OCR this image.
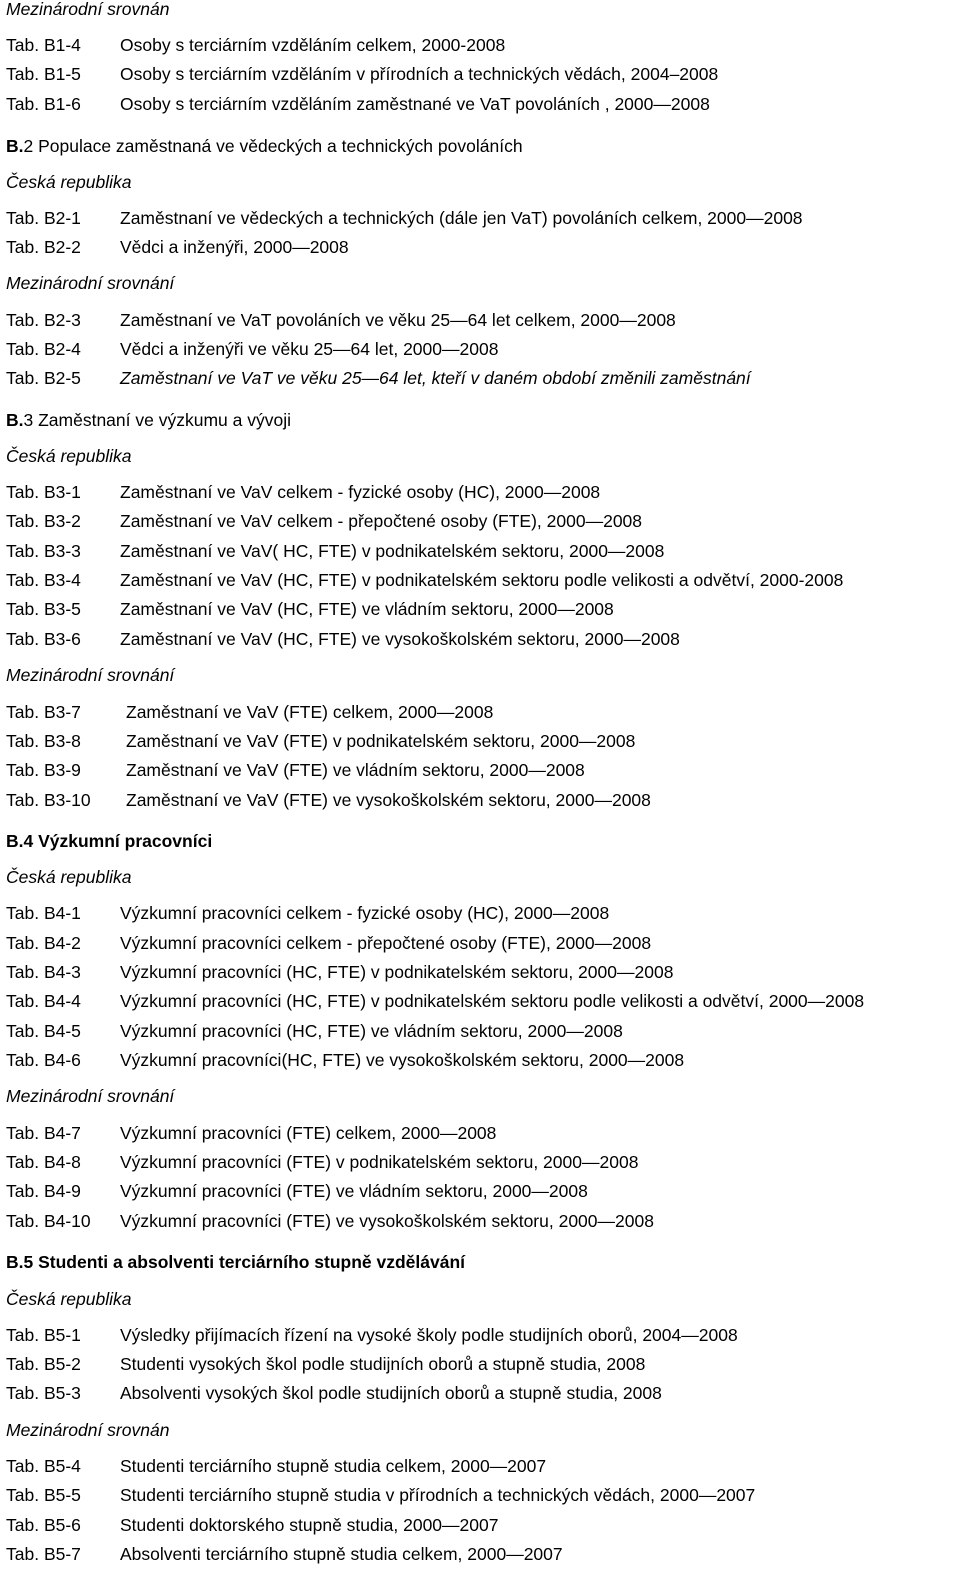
Mezinárodní srovnán
Tab. B1-4 Osoby s terciárním vzděláním celkem, 2000-2008
Tab. B1-5 Osoby s terciárním vzděláním v přírodních a technických vědách, 2004–2008
Tab. B1-6 Osoby s terciárním vzděláním zaměstnané ve VaT povoláních , 2000—2008
B.2 Populace zaměstnaná ve vědeckých a technických povoláních
Česká republika
Tab. B2-1 Zaměstnaní ve vědeckých a technických (dále jen VaT) povoláních celkem, 2000—2008
Tab. B2-2 Vědci a inženýři, 2000—2008
Mezinárodní srovnání
Tab. B2-3 Zaměstnaní ve VaT povoláních ve věku 25—64 let celkem, 2000—2008
Tab. B2-4 Vědci a inženýři ve věku 25—64 let, 2000—2008
Tab. B2-5 Zaměstnaní ve VaT ve věku 25—64 let, kteří v daném období změnili zaměstnání
B.3 Zaměstnaní ve výzkumu a vývoji
Česká republika
Tab. B3-1 Zaměstnaní ve VaV celkem - fyzické osoby (HC), 2000—2008
Tab. B3-2 Zaměstnaní ve VaV celkem - přepočtené osoby (FTE), 2000—2008
Tab. B3-3 Zaměstnaní ve VaV( HC, FTE) v podnikatelském sektoru, 2000—2008
Tab. B3-4 Zaměstnaní ve VaV (HC, FTE) v podnikatelském sektoru podle velikosti a odvětví, 2000-2008
Tab. B3-5 Zaměstnaní ve VaV (HC, FTE) ve vládním sektoru, 2000—2008
Tab. B3-6 Zaměstnaní ve VaV (HC, FTE) ve vysokoškolském sektoru, 2000—2008
Mezinárodní srovnání
Tab. B3-7	Zaměstnaní ve VaV (FTE) celkem, 2000—2008
Tab. B3-8	Zaměstnaní ve VaV (FTE) v podnikatelském sektoru, 2000—2008
Tab. B3-9	Zaměstnaní ve VaV (FTE) ve vládním sektoru, 2000—2008
Tab. B3-10 Zaměstnaní ve VaV (FTE) ve vysokoškolském sektoru, 2000—2008
B.4 Výzkumní pracovníci
Česká republika
Tab. B4-1 Výzkumní pracovníci celkem - fyzické osoby (HC), 2000—2008
Tab. B4-2 Výzkumní pracovníci celkem - přepočtené osoby (FTE), 2000—2008
Tab. B4-3 Výzkumní pracovníci (HC, FTE) v podnikatelském sektoru, 2000—2008
Tab. B4-4 Výzkumní pracovníci (HC, FTE) v podnikatelském sektoru podle velikosti a odvětví, 2000—2008
Tab. B4-5 Výzkumní pracovníci (HC, FTE) ve vládním sektoru, 2000—2008
Tab. B4-6 Výzkumní pracovníci(HC, FTE) ve vysokoškolském sektoru, 2000—2008
Mezinárodní srovnání
Tab. B4-7 Výzkumní pracovníci (FTE) celkem, 2000—2008
Tab. B4-8 Výzkumní pracovníci (FTE) v podnikatelském sektoru, 2000—2008
Tab. B4-9 Výzkumní pracovníci (FTE) ve vládním sektoru, 2000—2008
Tab. B4-10 Výzkumní pracovníci (FTE) ve vysokoškolském sektoru, 2000—2008
B.5 Studenti a absolventi terciárního stupně vzdělávání
Česká republika
Tab. B5-1 Výsledky přijímacích řízení na vysoké školy podle studijních oborů, 2004—2008
Tab. B5-2 Studenti vysokých škol podle studijních oborů a stupně studia, 2008
Tab. B5-3 Absolventi vysokých škol podle studijních oborů a stupně studia, 2008
Mezinárodní srovnán
Tab. B5-4 Studenti terciárního stupně studia celkem, 2000—2007
Tab. B5-5 Studenti terciárního stupně studia v přírodních a technických vědách, 2000—2007
Tab. B5-6 Studenti doktorského stupně studia, 2000—2007
Tab. B5-7 Absolventi terciárního stupně studia celkem, 2000—2007
